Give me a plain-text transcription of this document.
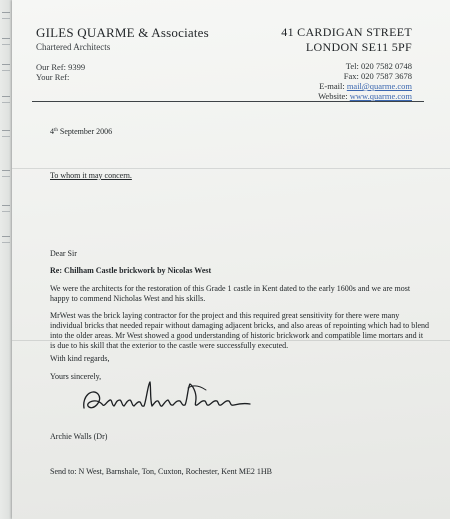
GILES QUARME & Associates
Chartered Architects
Our Ref: 9399
Your Ref:
41 CARDIGAN STREET
LONDON SE11 5PF
Tel: 020 7582 0748
Fax: 020 7587 3678
E-mail: mail@quarme.com
Website: www.quarme.com
4th September 2006
To whom it may concern.
Dear Sir
Re: Chilham Castle brickwork by Nicolas West
We were the architects for the restoration of this Grade 1 castle in Kent dated to the early 1600s and we are most happy to commend Nicholas West and his skills.
MrWest was the brick laying contractor for the project and this required great sensitivity for there were many individual bricks that needed repair without damaging adjacent bricks, and also areas of repointing which had to blend into the older areas. Mr West showed a good understanding of historic brickwork and compatible lime mortars and it is due to his skill that the exterior to the castle were successfully executed.
With kind regards,
Yours sincerely,
Archie Walls (Dr)
Send to: N West, Barnshale, Ton, Cuxton, Rochester, Kent ME2 1HB
